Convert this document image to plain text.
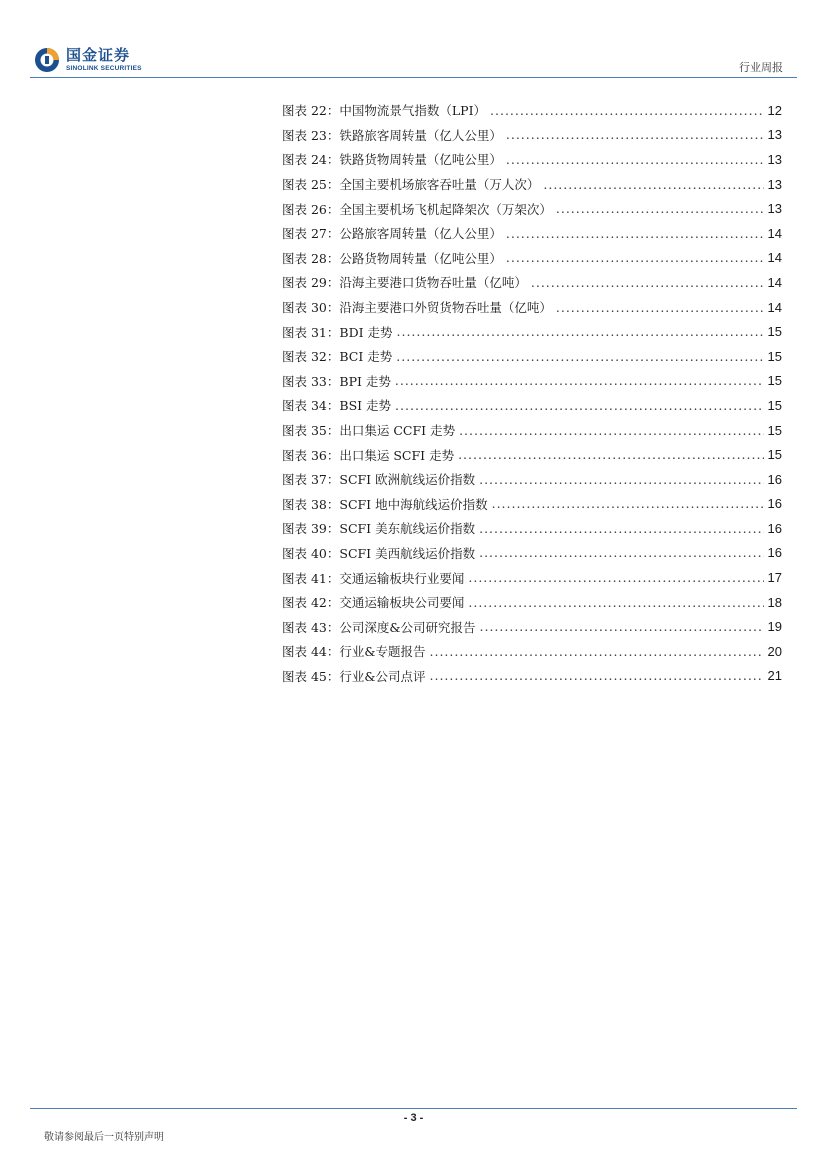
国金证券
SINOLINK SECURITIES	行业周报
图表 22：中国物流景气指数（LPI） .....	12
图表 23：铁路旅客周转量（亿人公里） .....	13
图表 24：铁路货物周转量（亿吨公里） .....	13
图表 25：全国主要机场旅客吞吐量（万人次） .....	13
图表 26：全国主要机场飞机起降架次（万架次） .....	13
图表 27：公路旅客周转量（亿人公里） .....	14
图表 28：公路货物周转量（亿吨公里） .....	14
图表 29：沿海主要港口货物吞吐量（亿吨） .....	14
图表 30：沿海主要港口外贸货物吞吐量（亿吨） .....	14
图表 31：BDI 走势 .....	15
图表 32：BCI 走势 .....	15
图表 33：BPI 走势 .....	15
图表 34：BSI 走势 .....	15
图表 35：出口集运 CCFI 走势 .....	15
图表 36：出口集运 SCFI 走势 .....	15
图表 37：SCFI 欧洲航线运价指数 .....	16
图表 38：SCFI 地中海航线运价指数 .....	16
图表 39：SCFI 美东航线运价指数 .....	16
图表 40：SCFI 美西航线运价指数 .....	16
图表 41：交通运输板块行业要闻 .....	17
图表 42：交通运输板块公司要闻 .....	18
图表 43：公司深度&公司研究报告 .....	19
图表 44：行业&专题报告 .....	20
图表 45：行业&公司点评 .....	21
- 3 -
敬请参阅最后一页特别声明
